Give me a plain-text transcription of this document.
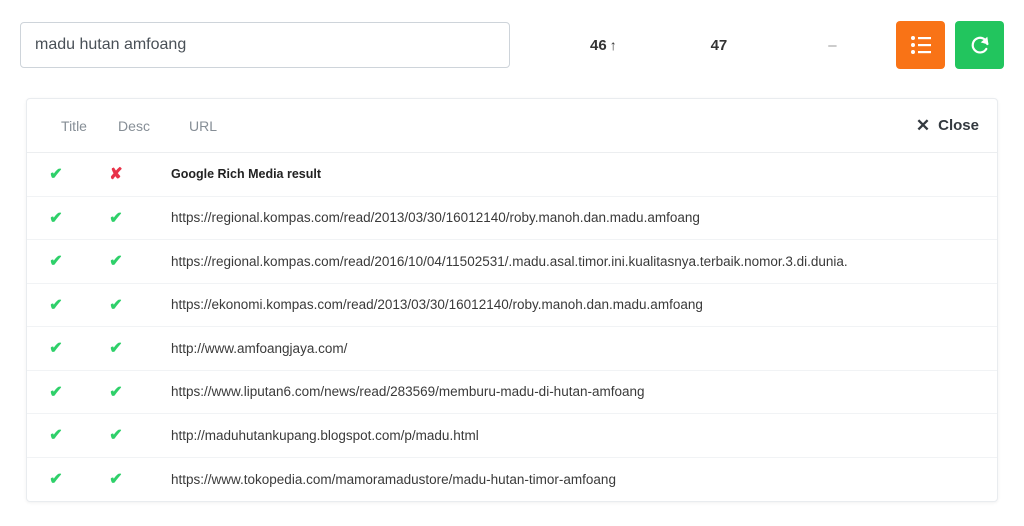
madu hutan amfoang
46 ↑	47	–
Title	Desc	URL	✕ Close
✔	✘	Google Rich Media result
✔	✔	https://regional.kompas.com/read/2013/03/30/16012140/roby.manoh.dan.madu.amfoang
✔	✔	https://regional.kompas.com/read/2016/10/04/11502531/.madu.asal.timor.ini.kualitasnya.terbaik.nomor.3.di.dunia.
✔	✔	https://ekonomi.kompas.com/read/2013/03/30/16012140/roby.manoh.dan.madu.amfoang
✔	✔	http://www.amfoangjaya.com/
✔	✔	https://www.liputan6.com/news/read/283569/memburu-madu-di-hutan-amfoang
✔	✔	http://maduhutankupang.blogspot.com/p/madu.html
✔	✔	https://www.tokopedia.com/mamoramadustore/madu-hutan-timor-amfoang
